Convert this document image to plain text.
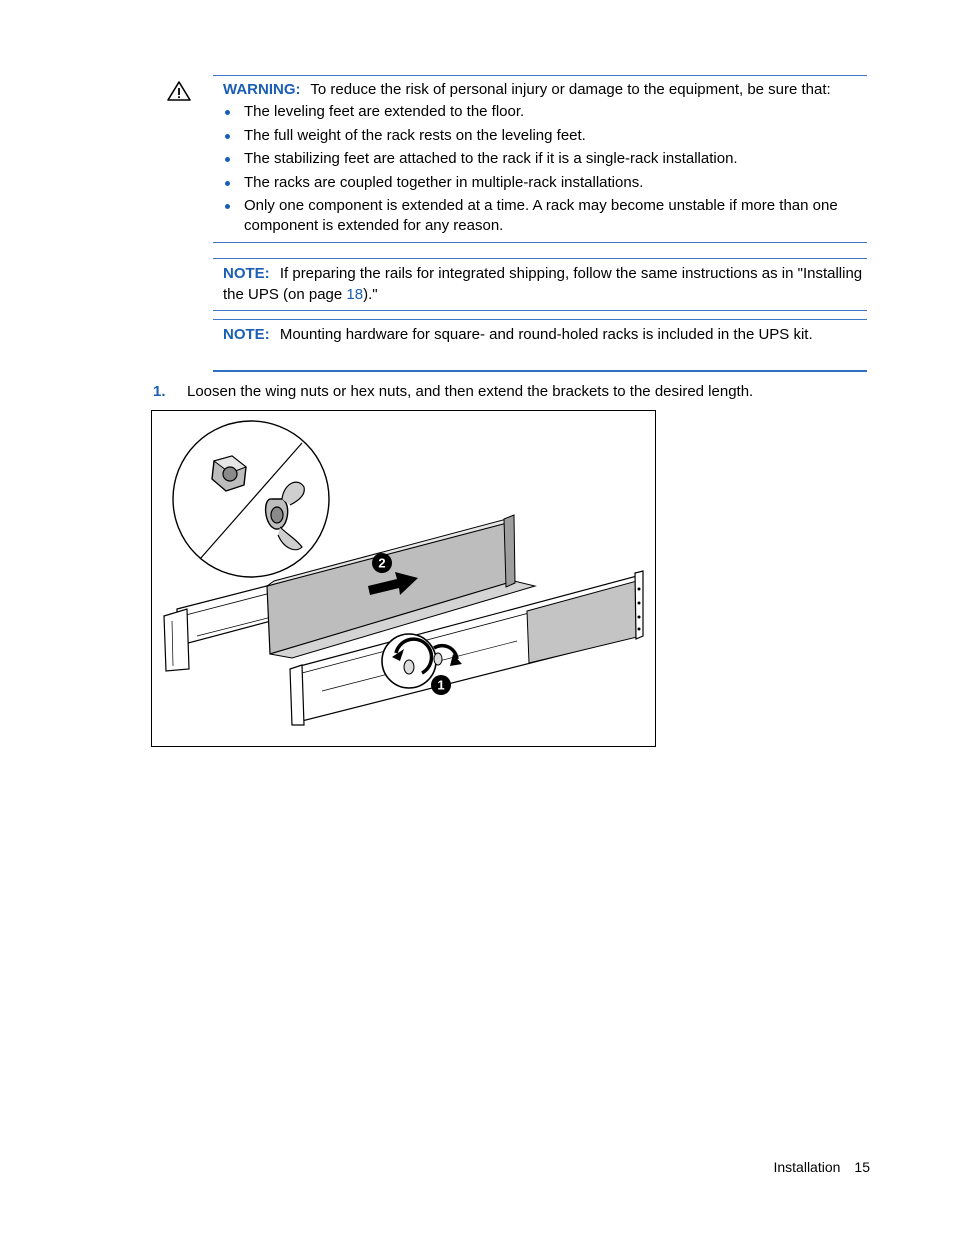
WARNING: To reduce the risk of personal injury or damage to the equipment, be sure that:
The leveling feet are extended to the floor.
The full weight of the rack rests on the leveling feet.
The stabilizing feet are attached to the rack if it is a single-rack installation.
The racks are coupled together in multiple-rack installations.
Only one component is extended at a time. A rack may become unstable if more than one component is extended for any reason.
NOTE: If preparing the rails for integrated shipping, follow the same instructions as in "Installing the UPS (on page 18)."
NOTE: Mounting hardware for square- and round-holed racks is included in the UPS kit.
1. Loosen the wing nuts or hex nuts, and then extend the brackets to the desired length.
1
2
Installation 15
